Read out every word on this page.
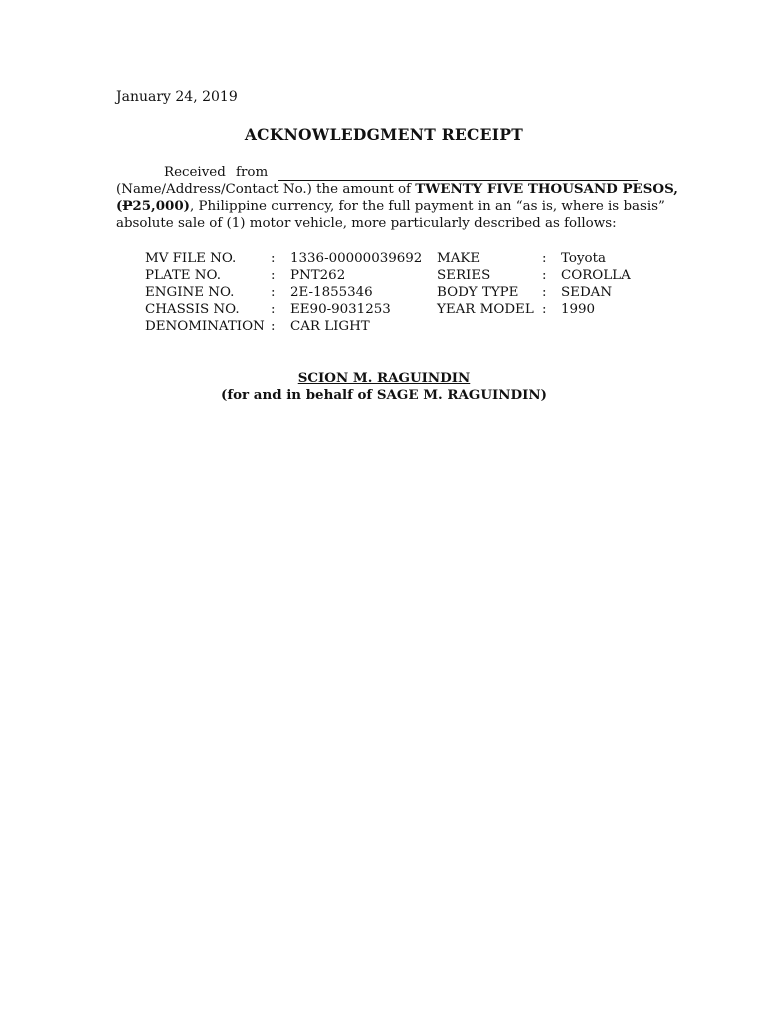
January 24, 2019
ACKNOWLEDGMENT RECEIPT
Received from
(Name/Address/Contact No.) the amount of TWENTY FIVE THOUSAND PESOS,
(P25,000), Philippine currency, for the full payment in an “as is, where is basis”
absolute sale of (1) motor vehicle, more particularly described as follows:
MV FILE NO.	:	1336-00000039692	MAKE	:	Toyota
PLATE NO.	:	PNT262	SERIES	:	COROLLA
ENGINE NO.	:	2E-1855346	BODY TYPE	:	SEDAN
CHASSIS NO.	:	EE90-9031253	YEAR MODEL	:	1990
DENOMINATION	:	CAR LIGHT			
SCION M. RAGUINDIN
(for and in behalf of SAGE M. RAGUINDIN)
